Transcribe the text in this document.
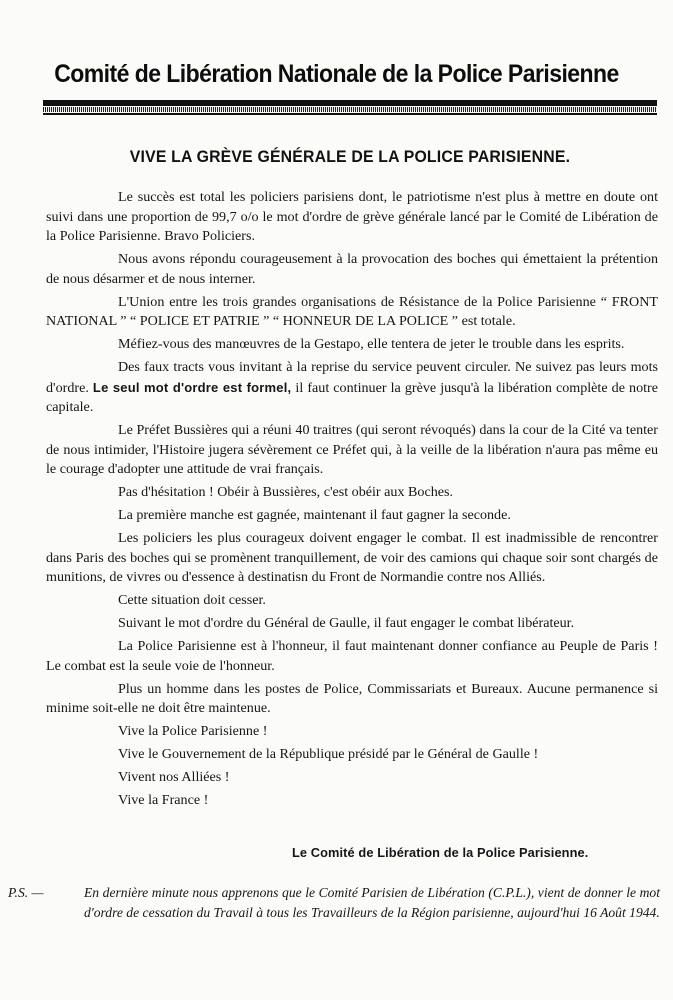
Comité de Libération Nationale de la Police Parisienne
VIVE LA GRÈVE GÉNÉRALE DE LA POLICE PARISIENNE.

Le succès est total les policiers parisiens dont, le patriotisme n'est plus à mettre en doute ont suivi dans une proportion de 99,7 o/o le mot d'ordre de grève générale lancé par le Comité de Libération de la Police Parisienne. Bravo Policiers.

Nous avons répondu courageusement à la provocation des boches qui émettaient la prétention de nous désarmer et de nous interner.

L'Union entre les trois grandes organisations de Résistance de la Police Parisienne “ FRONT NATIONAL ” “ POLICE ET PATRIE ” “ HONNEUR DE LA POLICE ” est totale.

Méfiez-vous des manœuvres de la Gestapo, elle tentera de jeter le trouble dans les esprits.

Des faux tracts vous invitant à la reprise du service peuvent circuler. Ne suivez pas leurs mots d'ordre. Le seul mot d'ordre est formel, il faut continuer la grève jusqu'à la libération complète de notre capitale.

Le Préfet Bussières qui a réuni 40 traitres (qui seront révoqués) dans la cour de la Cité va tenter de nous intimider, l'Histoire jugera sévèrement ce Préfet qui, à la veille de la libération n'aura pas même eu le courage d'adopter une attitude de vrai français.

Pas d'hésitation ! Obéir à Bussières, c'est obéir aux Boches.

La première manche est gagnée, maintenant il faut gagner la seconde.

Les policiers les plus courageux doivent engager le combat. Il est inadmissible de rencontrer dans Paris des boches qui se promènent tranquillement, de voir des camions qui chaque soir sont chargés de munitions, de vivres ou d'essence à destinatisn du Front de Normandie contre nos Alliés.

Cette situation doit cesser.

Suivant le mot d'ordre du Général de Gaulle, il faut engager le combat libérateur.

La Police Parisienne est à l'honneur, il faut maintenant donner confiance au Peuple de Paris ! Le combat est la seule voie de l'honneur.

Plus un homme dans les postes de Police, Commissariats et Bureaux. Aucune permanence si minime soit-elle ne doit être maintenue.

Vive la Police Parisienne !
Vive le Gouvernement de la République présidé par le Général de Gaulle !
Vivent nos Alliées !
Vive la France !

Le Comité de Libération de la Police Parisienne.

P.S. —	En dernière minute nous apprenons que le Comité Parisien de Libération (C.P.L.), vient de donner le mot d'ordre de cessation du Travail à tous les Travailleurs de la Région parisienne, aujourd'hui 16 Août 1944.
